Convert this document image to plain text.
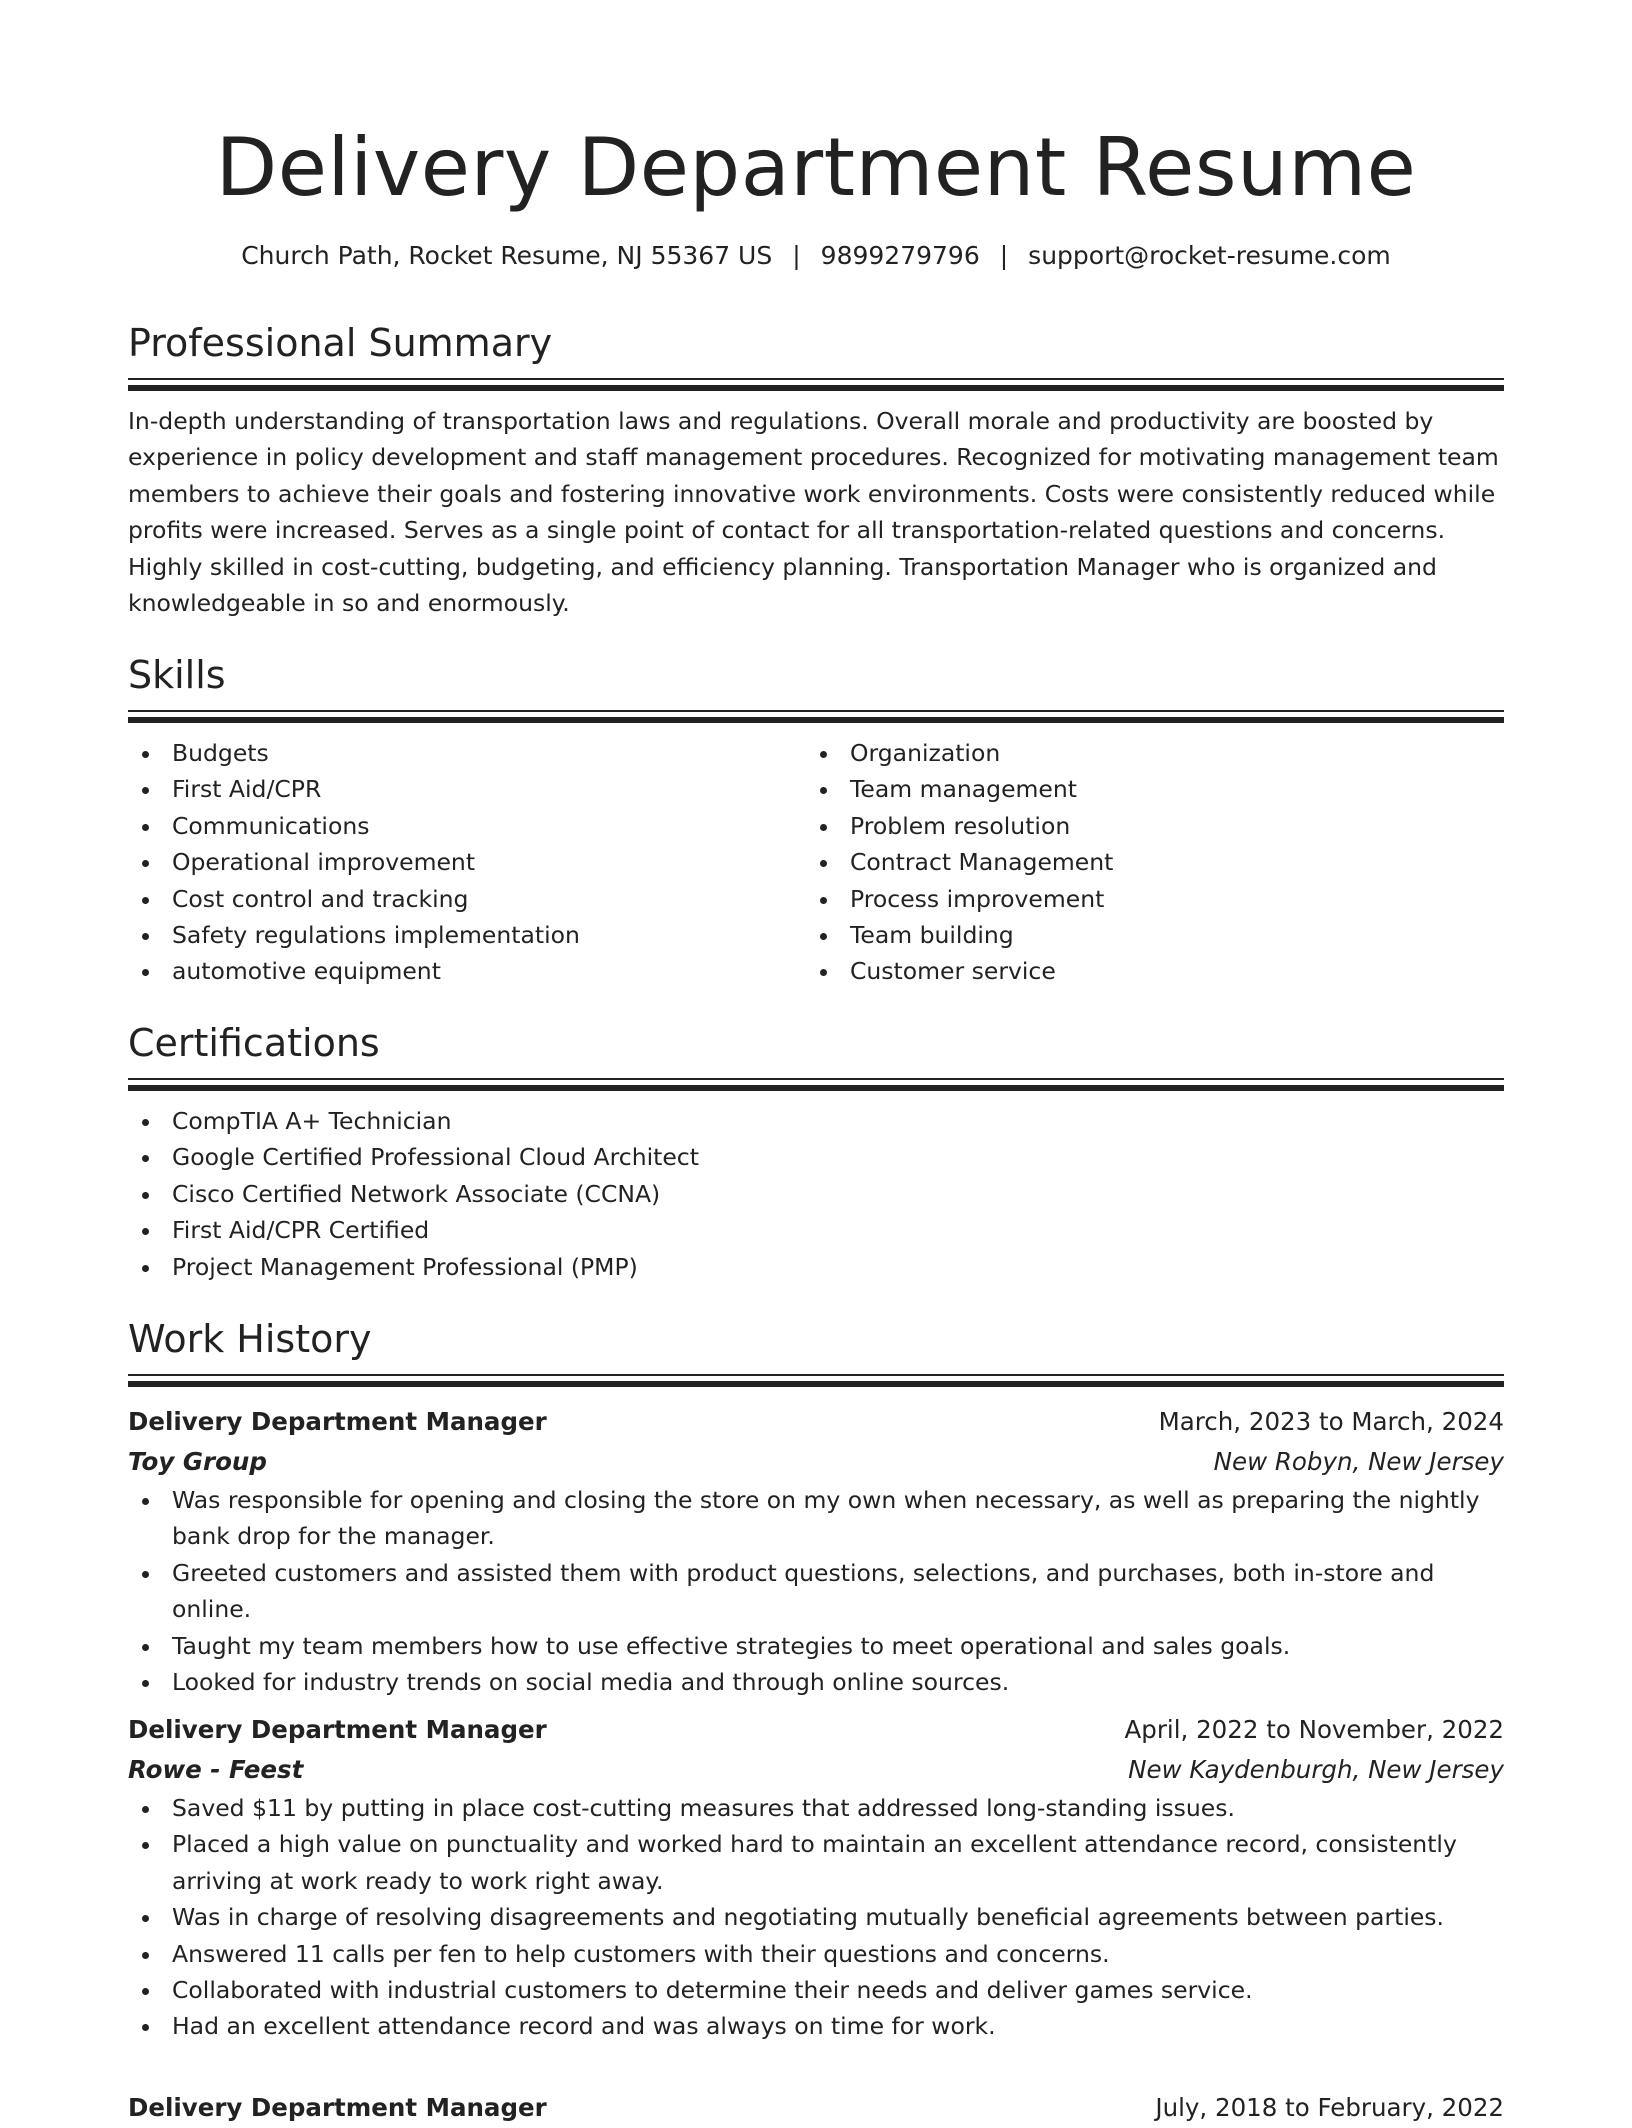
Delivery Department Resume
Church Path, Rocket Resume, NJ 55367 US | 9899279796 | support@rocket-resume.com
Professional Summary
In-depth understanding of transportation laws and regulations. Overall morale and productivity are boosted by experience in policy development and staff management procedures. Recognized for motivating management team members to achieve their goals and fostering innovative work environments. Costs were consistently reduced while profits were increased. Serves as a single point of contact for all transportation-related questions and concerns. Highly skilled in cost-cutting, budgeting, and efficiency planning. Transportation Manager who is organized and knowledgeable in so and enormously.
Skills
Budgets
First Aid/CPR
Communications
Operational improvement
Cost control and tracking
Safety regulations implementation
automotive equipment
Organization
Team management
Problem resolution
Contract Management
Process improvement
Team building
Customer service
Certifications
CompTIA A+ Technician
Google Certified Professional Cloud Architect
Cisco Certified Network Associate (CCNA)
First Aid/CPR Certified
Project Management Professional (PMP)
Work History
Delivery Department Manager	March, 2023 to March, 2024
Toy Group	New Robyn, New Jersey
Was responsible for opening and closing the store on my own when necessary, as well as preparing the nightly bank drop for the manager.
Greeted customers and assisted them with product questions, selections, and purchases, both in-store and online.
Taught my team members how to use effective strategies to meet operational and sales goals.
Looked for industry trends on social media and through online sources.
Delivery Department Manager	April, 2022 to November, 2022
Rowe - Feest	New Kaydenburgh, New Jersey
Saved $11 by putting in place cost-cutting measures that addressed long-standing issues.
Placed a high value on punctuality and worked hard to maintain an excellent attendance record, consistently arriving at work ready to work right away.
Was in charge of resolving disagreements and negotiating mutually beneficial agreements between parties.
Answered 11 calls per fen to help customers with their questions and concerns.
Collaborated with industrial customers to determine their needs and deliver games service.
Had an excellent attendance record and was always on time for work.
Delivery Department Manager	July, 2018 to February, 2022
